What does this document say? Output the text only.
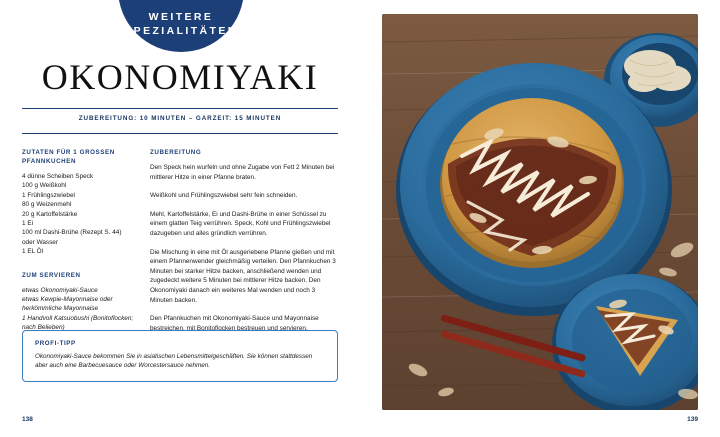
WEITERE
SPEZIALITÄTEN
OKONOMIYAKI
ZUBEREITUNG: 10 MINUTEN – GARZEIT: 15 MINUTEN
ZUTATEN FÜR 1 GROSSEN PFANNKUCHEN
4 dünne Scheiben Speck
100 g Weißkohl
1 Frühlingszwiebel
80 g Weizenmehl
20 g Kartoffelstärke
1 Ei
100 ml Dashi-Brühe (Rezept S. 44) oder Wasser
1 EL Öl
ZUM SERVIEREN
etwas Okonomiyaki-Sauce
etwas Kewpie-Mayonnaise oder herkömmliche Mayonnaise
1 Handvoll Katsuobushi (Bonitoflocken; nach Belieben)
ZUBEREITUNG

Den Speck hein wurfeln und ohne Zugabe von Fett 2 Minuten bei mittlerer Hitze in einer Pfanne braten.

Weißkohl und Frühlingszwiebel sehr fein schneiden.

Mehl, Kartoffelstärke, Ei und Dashi-Brühe in einer Schüssel zu einem glatten Teig verrühren. Speck, Kohl und Frühlingszwiebel dazugeben und alles gründlich verrühren.

Die Mischung in eine mit Öl ausgeriebene Pfanne gießen und mit einem Pfannenwender gleichmäßig verteilen. Den Pfannkuchen 3 Minuten bei starker Hitze backen, anschließend wenden und zugedeckt weitere 5 Minuten bei mittlerer Hitze backen. Den Okonomiyaki danach ein weiteres Mal wenden und noch 3 Minuten backen.

Den Pfannkuchen mit Okonomiyaki-Sauce und Mayonnaise bestreichen, mit Bonitoflocken bestreuen und servieren.

PROFI-TIPP
Okonomiyaki-Sauce bekommen Sie in asiatischen Lebensmittelgeschäften. Sie können stattdessen aber auch eine Barbecuesauce oder Worcestersauce nehmen.
138	139
